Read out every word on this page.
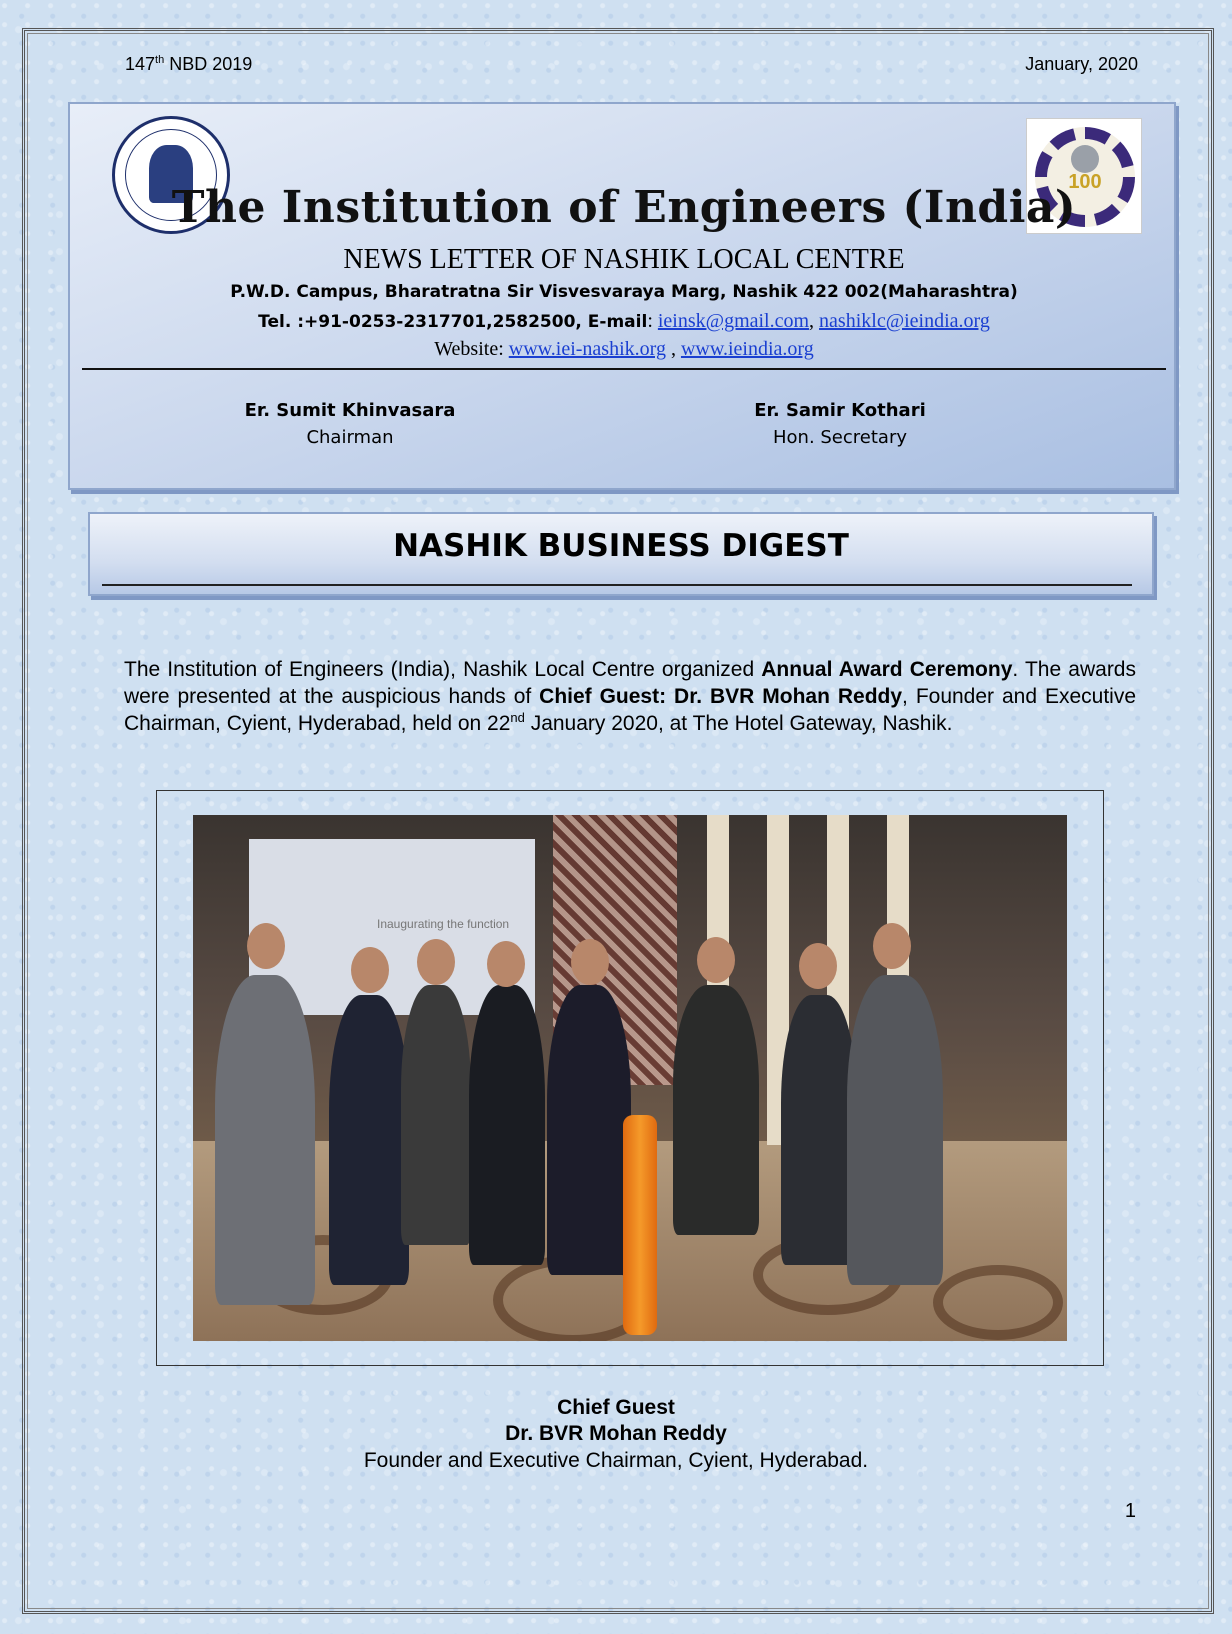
147th NBD 2019	January, 2020
100
The Institution of Engineers (India)
NEWS LETTER OF NASHIK LOCAL CENTRE
P.W.D. Campus, Bharatratna Sir Visvesvaraya Marg, Nashik 422 002(Maharashtra)
Tel. :+91-0253-2317701,2582500, E-mail: ieinsk@gmail.com, nashiklc@ieindia.org
Website: www.iei-nashik.org , www.ieindia.org
Er. Sumit Khinvasara
Chairman
Er. Samir Kothari
Hon. Secretary
NASHIK BUSINESS DIGEST
The Institution of Engineers (India), Nashik Local Centre organized Annual Award Ceremony. The awards were presented at the auspicious hands of Chief Guest: Dr. BVR Mohan Reddy, Founder and Executive Chairman, Cyient, Hyderabad, held on 22nd January 2020, at The Hotel Gateway, Nashik.
Inaugurating the function
Chief Guest
Dr. BVR Mohan Reddy
Founder and Executive Chairman, Cyient, Hyderabad.
1
